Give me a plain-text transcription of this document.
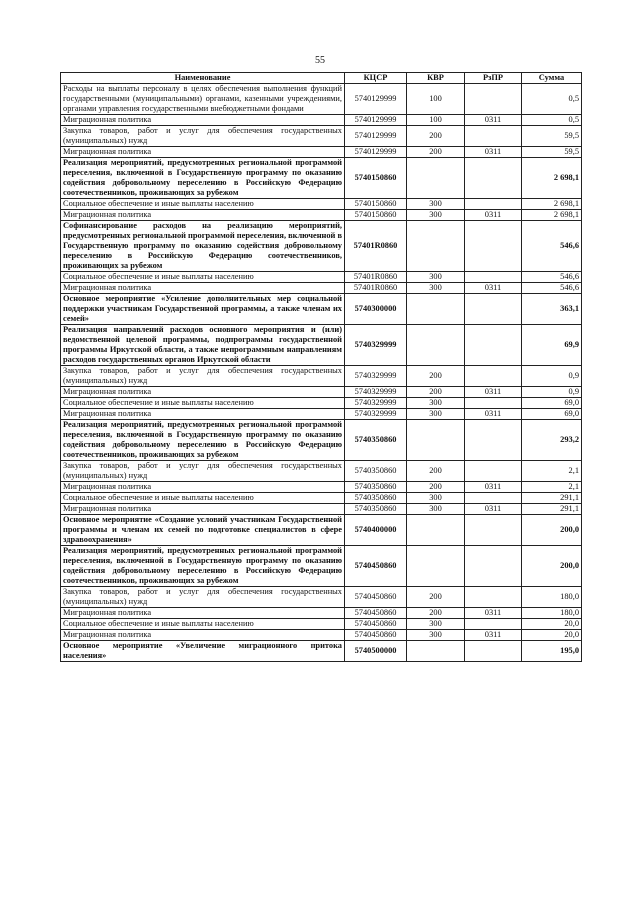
55
Наименование	КЦСР	КВР	РзПР	Сумма
Расходы на выплаты персоналу в целях обеспечения выполнения функций государственными (муниципальными) органами, казенными учреждениями, органами управления государственными внебюджетными фондами	5740129999	100		0,5
Миграционная политика	5740129999	100	0311	0,5
Закупка товаров, работ и услуг для обеспечения государственных (муниципальных) нужд	5740129999	200		59,5
Миграционная политика	5740129999	200	0311	59,5
Реализация мероприятий, предусмотренных региональной программой переселения, включенной в Государственную программу по оказанию содействия добровольному переселению в Российскую Федерацию соотечественников, проживающих за рубежом	5740150860			2 698,1
Социальное обеспечение и иные выплаты населению	5740150860	300		2 698,1
Миграционная политика	5740150860	300	0311	2 698,1
Софинансирование расходов на реализацию мероприятий, предусмотренных региональной программой переселения, включенной в Государственную программу по оказанию содействия добровольному переселению в Российскую Федерацию соотечественников, проживающих за рубежом	57401R0860			546,6
Социальное обеспечение и иные выплаты населению	57401R0860	300		546,6
Миграционная политика	57401R0860	300	0311	546,6
Основное мероприятие «Усиление дополнительных мер социальной поддержки участникам Государственной программы, а также членам их семей»	5740300000			363,1
Реализация направлений расходов основного мероприятия и (или) ведомственной целевой программы, подпрограммы государственной программы Иркутской области, а также непрограммным направлениям расходов государственных органов Иркутской области	5740329999			69,9
Закупка товаров, работ и услуг для обеспечения государственных (муниципальных) нужд	5740329999	200		0,9
Миграционная политика	5740329999	200	0311	0,9
Социальное обеспечение и иные выплаты населению	5740329999	300		69,0
Миграционная политика	5740329999	300	0311	69,0
Реализация мероприятий, предусмотренных региональной программой переселения, включенной в Государственную программу по оказанию содействия добровольному переселению в Российскую Федерацию соотечественников, проживающих за рубежом	5740350860			293,2
Закупка товаров, работ и услуг для обеспечения государственных (муниципальных) нужд	5740350860	200		2,1
Миграционная политика	5740350860	200	0311	2,1
Социальное обеспечение и иные выплаты населению	5740350860	300		291,1
Миграционная политика	5740350860	300	0311	291,1
Основное мероприятие «Создание условий участникам Государственной программы и членам их семей по подготовке специалистов в сфере здравоохранения»	5740400000			200,0
Реализация мероприятий, предусмотренных региональной программой переселения, включенной в Государственную программу по оказанию содействия добровольному переселению в Российскую Федерацию соотечественников, проживающих за рубежом	5740450860			200,0
Закупка товаров, работ и услуг для обеспечения государственных (муниципальных) нужд	5740450860	200		180,0
Миграционная политика	5740450860	200	0311	180,0
Социальное обеспечение и иные выплаты населению	5740450860	300		20,0
Миграционная политика	5740450860	300	0311	20,0
Основное мероприятие «Увеличение миграционного притока населения»	5740500000			195,0
